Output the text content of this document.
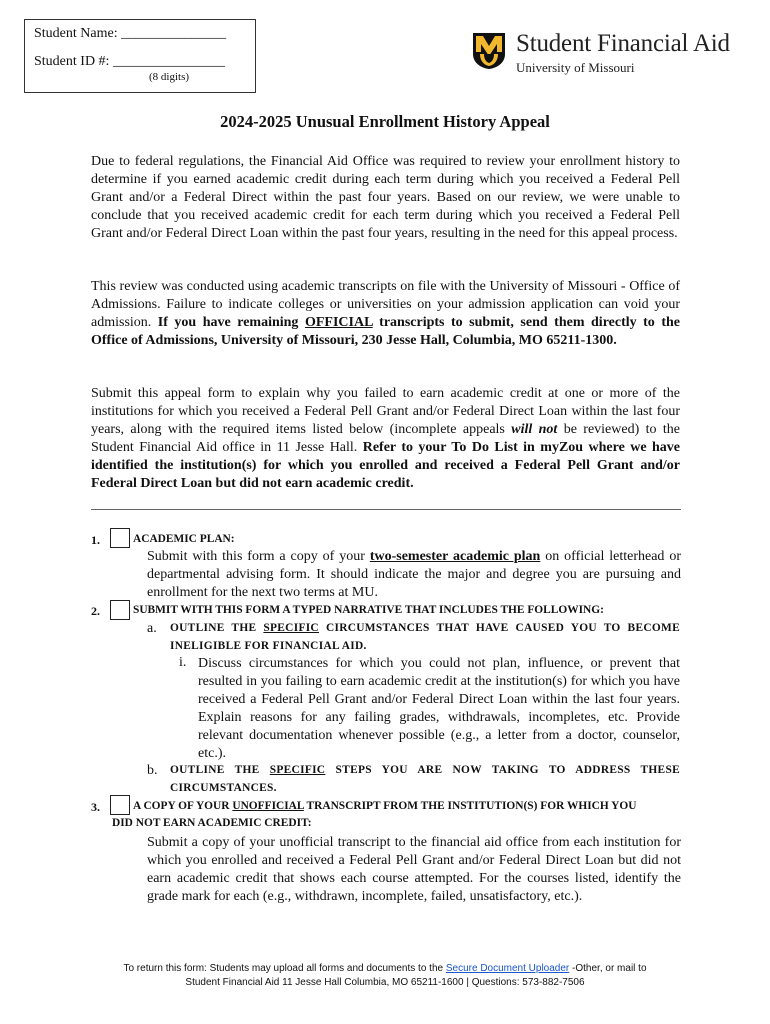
Student Name: _______________
Student ID #: ________________
(8 digits)
Student Financial Aid
University of Missouri
2024-2025 Unusual Enrollment History Appeal

Due to federal regulations, the Financial Aid Office was required to review your enrollment history to determine if you earned academic credit during each term during which you received a Federal Pell Grant and/or a Federal Direct within the past four years. Based on our review, we were unable to conclude that you received academic credit for each term during which you received a Federal Pell Grant and/or Federal Direct Loan within the past four years, resulting in the need for this appeal process.

This review was conducted using academic transcripts on file with the University of Missouri - Office of Admissions. Failure to indicate colleges or universities on your admission application can void your admission. If you have remaining OFFICIAL transcripts to submit, send them directly to the Office of Admissions, University of Missouri, 230 Jesse Hall, Columbia, MO 65211-1300.

Submit this appeal form to explain why you failed to earn academic credit at one or more of the institutions for which you received a Federal Pell Grant and/or Federal Direct Loan within the last four years, along with the required items listed below (incomplete appeals will not be reviewed) to the Student Financial Aid office in 11 Jesse Hall. Refer to your To Do List in myZou where we have identified the institution(s) for which you enrolled and received a Federal Pell Grant and/or Federal Direct Loan but did not earn academic credit.

1.	ACADEMIC PLAN:

Submit with this form a copy of your two-semester academic plan on official letterhead or departmental advising form. It should indicate the major and degree you are pursuing and enrollment for the next two terms at MU.

2.	SUBMIT WITH THIS FORM A TYPED NARRATIVE THAT INCLUDES THE FOLLOWING:
a. OUTLINE THE SPECIFIC CIRCUMSTANCES THAT HAVE CAUSED YOU TO BECOME INELIGIBLE FOR FINANCIAL AID.

i. Discuss circumstances for which you could not plan, influence, or prevent that resulted in you failing to earn academic credit at the institution(s) for which you have received a Federal Pell Grant and/or Federal Direct Loan within the last four years. Explain reasons for any failing grades, withdrawals, incompletes, etc. Provide relevant documentation whenever possible (e.g., a letter from a doctor, counselor, etc.).

b. OUTLINE THE SPECIFIC STEPS YOU ARE NOW TAKING TO ADDRESS THESE CIRCUMSTANCES.

3.	A COPY OF YOUR UNOFFICIAL TRANSCRIPT FROM THE INSTITUTION(S) FOR WHICH YOU
DID NOT EARN ACADEMIC CREDIT:

Submit a copy of your unofficial transcript to the financial aid office from each institution for which you enrolled and received a Federal Pell Grant and/or Federal Direct Loan but did not earn academic credit that shows each course attempted. For the courses listed, identify the grade mark for each (e.g., withdrawn, incomplete, failed, unsatisfactory, etc.).

To return this form: Students may upload all forms and documents to the Secure Document Uploader -Other, or mail to
Student Financial Aid 11 Jesse Hall Columbia, MO 65211-1600 | Questions: 573-882-7506
